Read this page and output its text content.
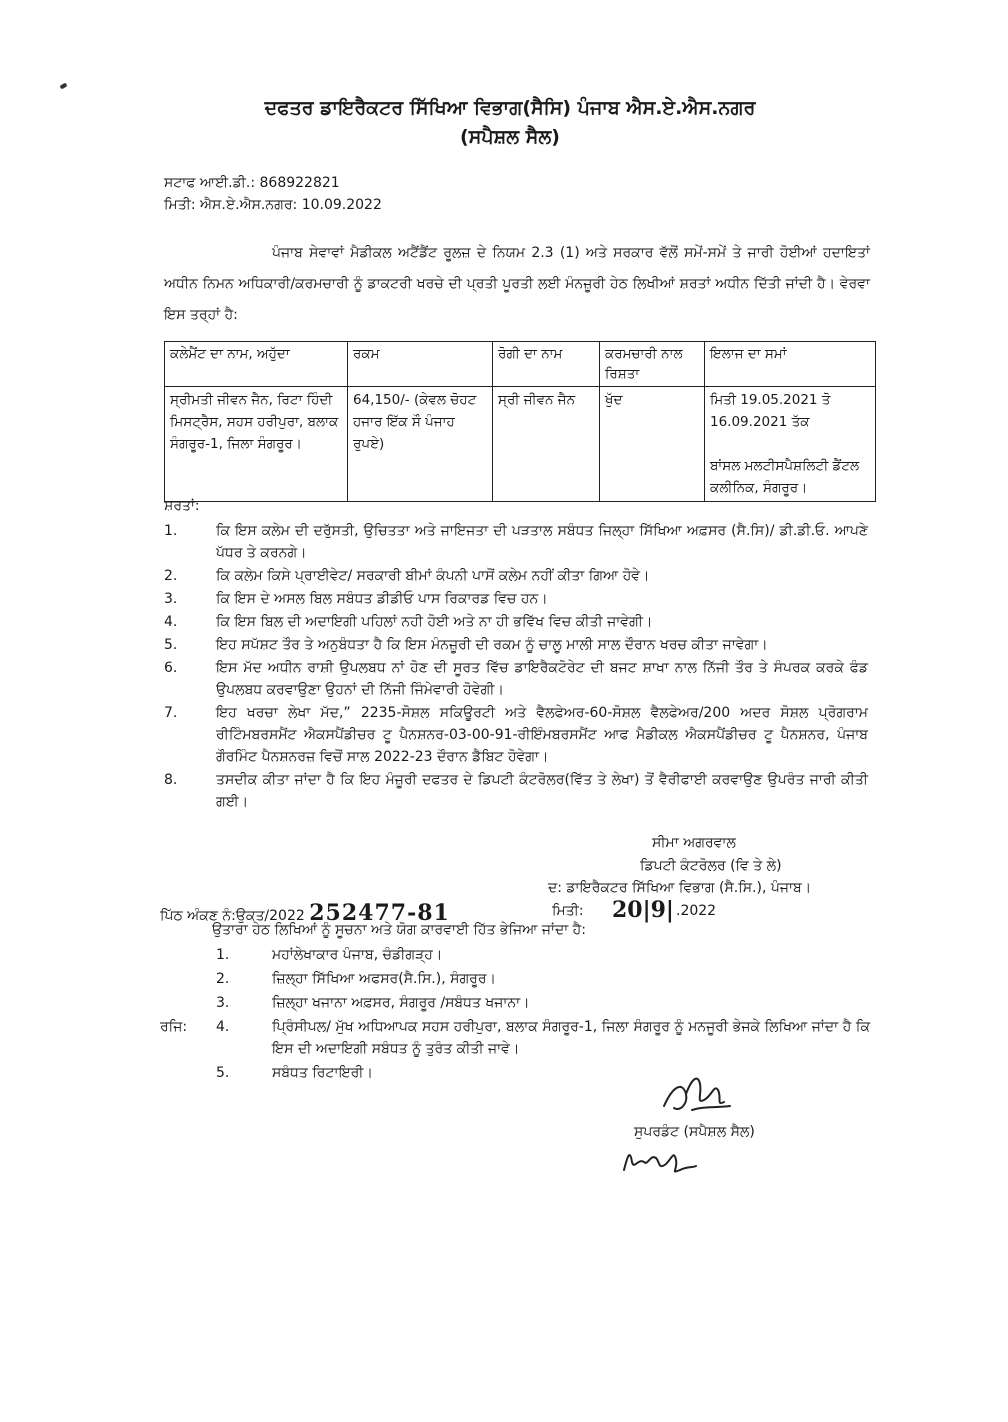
ਦਫਤਰ ਡਾਇਰੈਕਟਰ ਸਿੱਖਿਆ ਵਿਭਾਗ(ਸੈਸਿ) ਪੰਜਾਬ ਐਸ.ਏ.ਐਸ.ਨਗਰ
(ਸਪੈਸ਼ਲ ਸੈਲ)
ਸਟਾਫ ਆਈ.ਡੀ.: 868922821
ਮਿਤੀ: ਐਸ.ਏ.ਐਸ.ਨਗਰ: 10.09.2022
ਪੰਜਾਬ ਸੇਵਾਵਾਂ ਮੈਡੀਕਲ ਅਟੈਂਡੈਂਟ ਰੂਲਜ਼ ਦੇ ਨਿਯਮ 2.3 (1) ਅਤੇ ਸਰਕਾਰ ਵੱਲੋਂ ਸਮੇਂ-ਸਮੇਂ ਤੇ ਜਾਰੀ ਹੋਈਆਂ ਹਦਾਇਤਾਂ ਅਧੀਨ ਨਿਮਨ ਅਧਿਕਾਰੀ/ਕਰਮਚਾਰੀ ਨੂੰ ਡਾਕਟਰੀ ਖਰਚੇ ਦੀ ਪ੍ਰਤੀ ਪੂਰਤੀ ਲਈ ਮੰਨਜ਼ੂਰੀ ਹੇਠ ਲਿਖੀਆਂ ਸ਼ਰਤਾਂ ਅਧੀਨ ਦਿੱਤੀ ਜਾਂਦੀ ਹੈ। ਵੇਰਵਾ ਇਸ ਤਰ੍ਹਾਂ ਹੈ:
ਕਲੇਮੈਂਟ ਦਾ ਨਾਮ, ਅਹੁੱਦਾ	ਰਕਮ	ਰੋਗੀ ਦਾ ਨਾਮ	ਕਰਮਚਾਰੀ ਨਾਲ ਰਿਸ਼ਤਾ	ਇਲਾਜ ਦਾ ਸਮਾਂ
ਸ੍ਰੀਮਤੀ ਜੀਵਨ ਜੈਨ, ਰਿਟਾ ਹਿੰਦੀ ਮਿਸਟ੍ਰੈਸ, ਸਹਸ ਹਰੀਪੁਰਾ, ਬਲਾਕ ਸੰਗਰੂਰ-1, ਜਿਲਾ ਸੰਗਰੂਰ।	64,150/- (ਕੇਵਲ ਚੋਹਟ ਹਜਾਰ ਇੱਕ ਸੌ ਪੰਜਾਹ ਰੁਪਏ)	ਸ੍ਰੀ ਜੀਵਨ ਜੈਨ	ਖੁੱਦ	ਮਿਤੀ 19.05.2021 ਤੋ 16.09.2021 ਤੱਕ
ਬਾਂਸਲ ਮਲਟੀਸਪੈਸ਼ਲਿਟੀ ਡੈਂਟਲ ਕਲੀਨਿਕ, ਸੰਗਰੂਰ।
ਸ਼ਰਤਾਂ:
1.	ਕਿ ਇਸ ਕਲੇਮ ਦੀ ਦਰੁੱਸਤੀ, ਉਚਿਤਤਾ ਅਤੇ ਜਾਇਜਤਾ ਦੀ ਪੜਤਾਲ ਸਬੰਧਤ ਜਿਲ੍ਹਾ ਸਿੱਖਿਆ ਅਫ਼ਸਰ (ਸੈ.ਸਿ)/ ਡੀ.ਡੀ.ਓ. ਆਪਣੇ ਪੱਧਰ ਤੇ ਕਰਨਗੇ।
2.	ਕਿ ਕਲੇਮ ਕਿਸੇ ਪ੍ਰਾਈਵੇਟ/ ਸਰਕਾਰੀ ਬੀਮਾਂ ਕੰਪਨੀ ਪਾਸੋਂ ਕਲੇਮ ਨਹੀਂ ਕੀਤਾ ਗਿਆ ਹੋਵੇ।
3.	ਕਿ ਇਸ ਦੇ ਅਸਲ ਬਿਲ ਸਬੰਧਤ ਡੀਡੀਓ ਪਾਸ ਰਿਕਾਰਡ ਵਿਚ ਹਨ।
4.	ਕਿ ਇਸ ਬਿਲ ਦੀ ਅਦਾਇਗੀ ਪਹਿਲਾਂ ਨਹੀ ਹੋਈ ਅਤੇ ਨਾ ਹੀ ਭਵਿੱਖ ਵਿਚ ਕੀਤੀ ਜਾਵੇਗੀ।
5.	ਇਹ ਸਪੱਸ਼ਟ ਤੌਰ ਤੇ ਅਨੁਬੰਧਤਾ ਹੈ ਕਿ ਇਸ ਮੰਨਜ਼ੂਰੀ ਦੀ ਰਕਮ ਨੂੰ ਚਾਲੂ ਮਾਲੀ ਸਾਲ ਦੌਰਾਨ ਖਰਚ ਕੀਤਾ ਜਾਵੇਗਾ।
6.	ਇਸ ਮੱਦ ਅਧੀਨ ਰਾਸ਼ੀ ਉਪਲਬਧ ਨਾਂ ਹੋਣ ਦੀ ਸੂਰਤ ਵਿੱਚ ਡਾਇਰੈਕਟੋਰੇਟ ਦੀ ਬਜਟ ਸ਼ਾਖਾ ਨਾਲ ਨਿੱਜੀ ਤੌਰ ਤੇ ਸੰਪਰਕ ਕਰਕੇ ਫੰਡ ਉਪਲਬਧ ਕਰਵਾਉਣਾ ਉਹਨਾਂ ਦੀ ਨਿੱਜੀ ਜਿੰਮੇਵਾਰੀ ਹੋਵੇਗੀ।
7.	ਇਹ ਖਰਚਾ ਲੇਖਾ ਮੱਦ,” 2235-ਸੋਸ਼ਲ ਸਕਿਊਰਟੀ ਅਤੇ ਵੈਲਫੇਅਰ-60-ਸੋਸ਼ਲ ਵੈਲਫੇਅਰ/200 ਅਦਰ ਸੋਸ਼ਲ ਪ੍ਰੋਗਰਾਮ ਰੀਟਿੰਮਬਰਸਮੈਂਟ ਐਕਸਪੈਂਡੀਚਰ ਟੂ ਪੈਨਸ਼ਨਰ-03-00-91-ਰੀਇੰਮਬਰਸਮੈਂਟ ਆਫ ਮੈਡੀਕਲ ਐਕਸਪੈਂਡੀਚਰ ਟੂ ਪੈਨਸ਼ਨਰ, ਪੰਜਾਬ ਗੌਰਮਿੰਟ ਪੈਨਸ਼ਨਰਜ਼ ਵਿਚੋਂ ਸਾਲ 2022-23 ਦੌਰਾਨ ਡੈਬਿਟ ਹੋਵੇਗਾ।
8.	ਤਸਦੀਕ ਕੀਤਾ ਜਾਂਦਾ ਹੈ ਕਿ ਇਹ ਮੰਜ਼ੂਰੀ ਦਫਤਰ ਦੇ ਡਿਪਟੀ ਕੰਟਰੋਲਰ(ਵਿੱਤ ਤੇ ਲੇਖਾ) ਤੋਂ ਵੈਰੀਫਾਈ ਕਰਵਾਉਣ ਉਪਰੰਤ ਜਾਰੀ ਕੀਤੀ ਗਈ।
ਸੀਮਾ ਅਗਰਵਾਲ
ਡਿਪਟੀ ਕੰਟਰੋਲਰ (ਵਿ ਤੇ ਲੇ)
ਦ: ਡਾਇਰੈਕਟਰ ਸਿੱਖਿਆ ਵਿਭਾਗ (ਸੈ.ਸਿ.), ਪੰਜਾਬ।
ਪਿੱਠ ਅੰਕਣ ਨੰ:ਉਕਤ/2022 252477-81	ਮਿਤੀ: 20|9| .2022
ਉਤਾਰਾ ਹੇਠ ਲਿਖਿਆਂ ਨੂੰ ਸੂਚਨਾ ਅਤੇ ਯੋਗ ਕਾਰਵਾਈ ਹਿੱਤ ਭੇਜਿਆ ਜਾਂਦਾ ਹੈ:
1.	ਮਹਾਂਲੇਖਾਕਾਰ ਪੰਜਾਬ, ਚੰਡੀਗੜ੍ਹ।
2.	ਜ਼ਿਲ੍ਹਾ ਸਿੱਖਿਆ ਅਫਸਰ(ਸੈ.ਸਿ.), ਸੰਗਰੂਰ।
3.	ਜ਼ਿਲ੍ਹਾ ਖਜਾਨਾ ਅਫ਼ਸਰ, ਸੰਗਰੂਰ /ਸਬੰਧਤ ਖਜਾਨਾ।
ਰਜਿ: 4.	ਪ੍ਰਿੰਸੀਪਲ/ ਮੁੱਖ ਅਧਿਆਪਕ ਸਹਸ ਹਰੀਪੁਰਾ, ਬਲਾਕ ਸੰਗਰੂਰ-1, ਜਿਲਾ ਸੰਗਰੂਰ ਨੂੰ ਮਨਜੂਰੀ ਭੇਜਕੇ ਲਿਖਿਆ ਜਾਂਦਾ ਹੈ ਕਿ ਇਸ ਦੀ ਅਦਾਇਗੀ ਸਬੰਧਤ ਨੂੰ ਤੁਰੰਤ ਕੀਤੀ ਜਾਵੇ।
5.	ਸਬੰਧਤ ਰਿਟਾਇਰੀ।
ਸੁਪਰਡੰਟ (ਸਪੈਸ਼ਲ ਸੈਲ)
